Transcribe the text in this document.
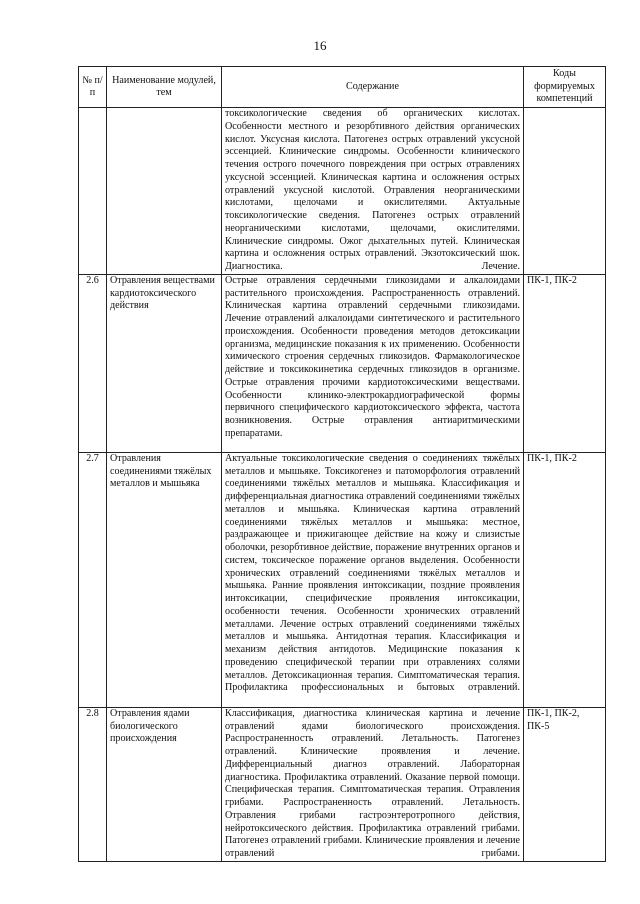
16
№ п/п	Наименование модулей, тем	Содержание	Коды формируемых компетенций
		токсикологические сведения об органических кислотах. Особенности местного и резорбтивного действия органических кислот. Уксусная кислота. Патогенез острых отравлений уксусной эссенцией. Клинические синдромы. Особенности клинического течения острого почечного повреждения при острых отравлениях уксусной эссенцией. Клиническая картина и осложнения острых отравлений уксусной кислотой. Отравления неорганическими кислотами, щелочами и окислителями. Актуальные токсикологические сведения. Патогенез острых отравлений неорганическими кислотами, щелочами, окислителями. Клинические синдромы. Ожог дыхательных путей. Клиническая картина и осложнения острых отравлений. Экзотоксический шок. Диагностика. Лечение.	
2.6	Отравления веществами кардиотоксического действия	Острые отравления сердечными гликозидами и алкалоидами растительного происхождения. Распространенность отравлений. Клиническая картина отравлений сердечными гликозидами. Лечение отравлений алкалоидами синтетического и растительного происхождения. Особенности проведения методов детоксикации организма, медицинские показания к их применению. Особенности химического строения сердечных гликозидов. Фармакологическое действие и токсикокинетика сердечных гликозидов в организме. Острые отравления прочими кардиотоксическими веществами. Особенности клинико-электрокардиографической формы первичного специфического кардиотоксического эффекта, частота возникновения. Острые отравления антиаритмическими препаратами.	ПК-1, ПК-2
2.7	Отравления соединениями тяжёлых металлов и мышьяка	Актуальные токсикологические сведения о соединениях тяжёлых металлов и мышьяке. Токсикогенез и патоморфология отравлений соединениями тяжёлых металлов и мышьяка. Классификация и дифференциальная диагностика отравлений соединениями тяжёлых металлов и мышьяка. Клиническая картина отравлений соединениями тяжёлых металлов и мышьяка: местное, раздражающее и прижигающее действие на кожу и слизистые оболочки, резорбтивное действие, поражение внутренних органов и систем, токсическое поражение органов выделения. Особенности хронических отравлений соединениями тяжёлых металлов и мышьяка. Ранние проявления интоксикации, поздние проявления интоксикации, специфические проявления интоксикации, особенности течения. Особенности хронических отравлений металлами. Лечение острых отравлений соединениями тяжёлых металлов и мышьяка. Антидотная терапия. Классификация и механизм действия антидотов. Медицинские показания к проведению специфической терапии при отравлениях солями металлов. Детоксикационная терапия. Симптоматическая терапия. Профилактика профессиональных и бытовых отравлений.	ПК-1, ПК-2
2.8	Отравления ядами биологического происхождения	Классификация, диагностика клиническая картина и лечение отравлений ядами биологического происхождения. Распространенность отравлений. Летальность. Патогенез отравлений. Клинические проявления и лечение. Дифференциальный диагноз отравлений. Лабораторная диагностика. Профилактика отравлений. Оказание первой помощи. Специфическая терапия. Симптоматическая терапия. Отравления грибами. Распространенность отравлений. Летальность. Отравления грибами гастроэнтеротропного действия, нейротоксического действия. Профилактика отравлений грибами. Патогенез отравлений грибами. Клинические проявления и лечение отравлений грибами.	ПК-1, ПК-2, ПК-5
